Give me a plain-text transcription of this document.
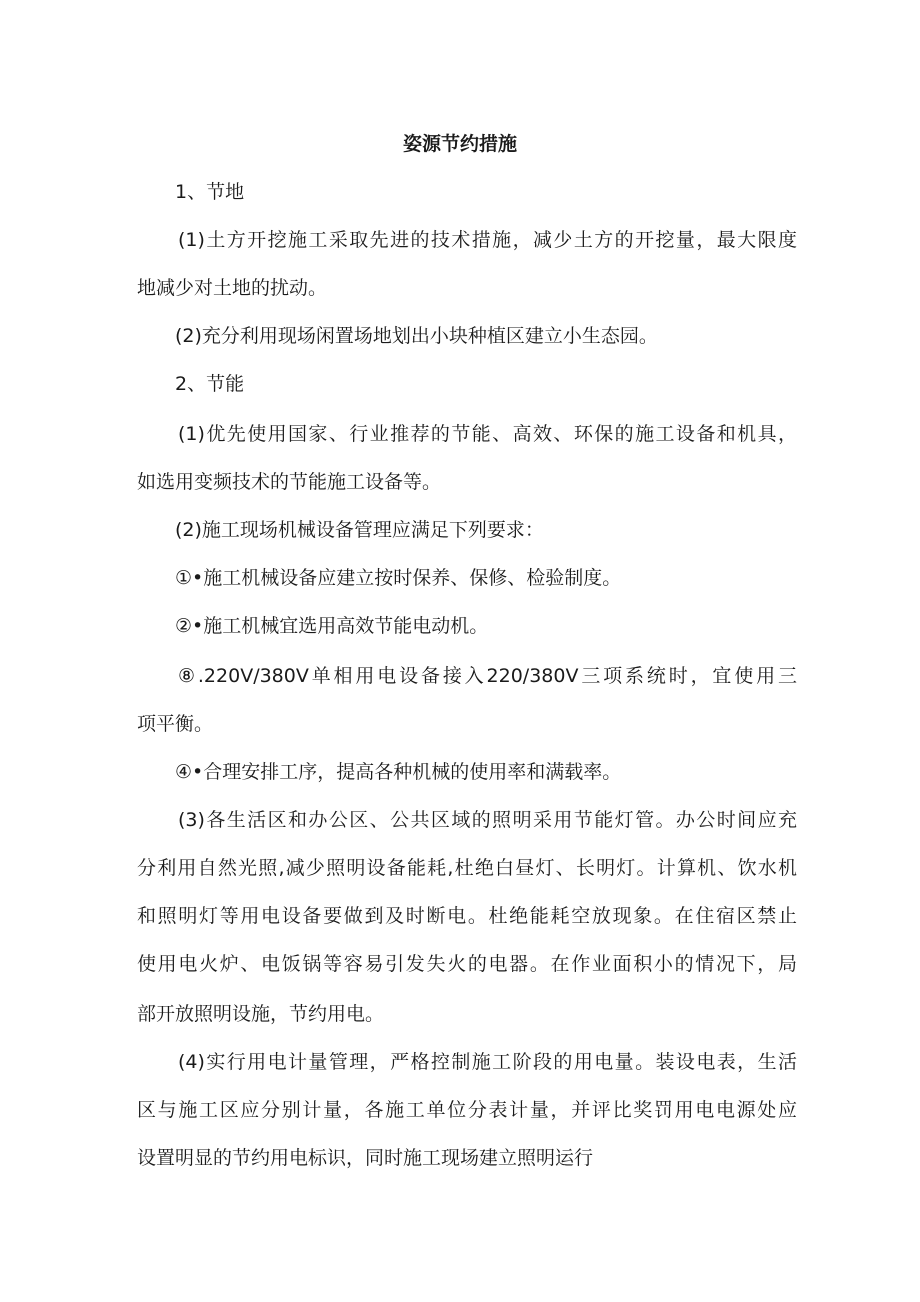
姿源节约措施
1、节地
(1)土方开挖施工采取先进的技术措施，减少土方的开挖量，最大限度
地减少对土地的扰动。
(2)充分利用现场闲置场地划出小块种植区建立小生态园。
2、节能
(1)优先使用国家、行业推荐的节能、高效、环保的施工设备和机具，
如选用变频技术的节能施工设备等。
(2)施工现场机械设备管理应满足下列要求：
①•施工机械设备应建立按时保养、保修、检验制度。
②•施工机械宜选用高效节能电动机。
⑧.220V/380V单相用电设备接入220/380V三项系统时，宜使用三
项平衡。
④•合理安排工序，提高各种机械的使用率和满载率。
(3)各生活区和办公区、公共区域的照明采用节能灯管。办公时间应充
分利用自然光照,减少照明设备能耗,杜绝白昼灯、长明灯。计算机、饮水机
和照明灯等用电设备要做到及时断电。杜绝能耗空放现象。在住宿区禁止
使用电火炉、电饭锅等容易引发失火的电器。在作业面积小的情况下，局
部开放照明设施，节约用电。
(4)实行用电计量管理，严格控制施工阶段的用电量。装设电表，生活
区与施工区应分别计量，各施工单位分表计量，并评比奖罚用电电源处应
设置明显的节约用电标识，同时施工现场建立照明运行
